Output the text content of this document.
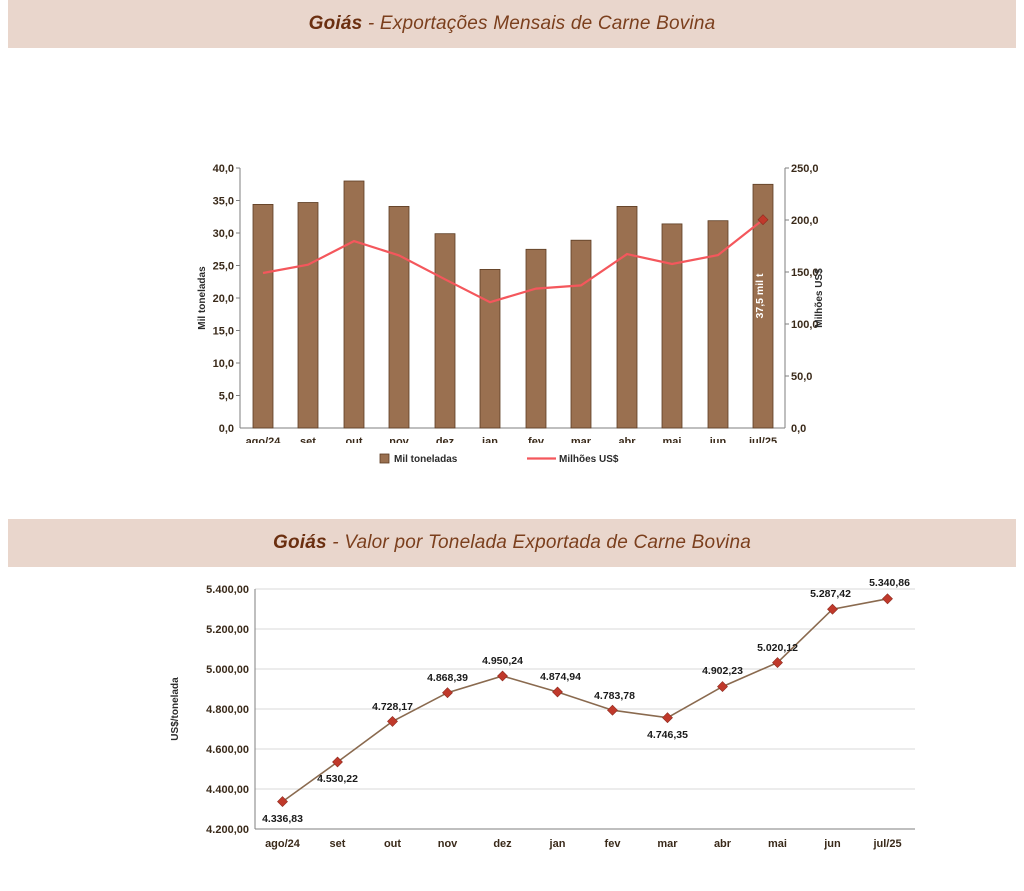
Goiás - Exportações Mensais de Carne Bovina
40,0
35,0
30,0
25,0
20,0
15,0
10,0
5,0
0,0
250,0
200,0
150,0
100,0
50,0
0,0
Mil toneladas	Milhões US$
37,5 mil t
ago/24 set	out nov dez	jan	fev mar abr mai	jun jul/25

Mil toneladas	Milhões US$
Goiás - Valor por Tonelada Exportada de Carne Bovina
5.400,00
5.200,00
5.000,00
4.800,00
4.600,00
4.400,00
4.200,00
US$/tonelada
4.336,83
4.530,22
4.728,17
4.868,39
4.950,24
4.874,94
4.783,78
4.746,35
4.902,23
5.020,12
5.287,42
5.340,86
ago/24	set	out	nov	dez	jan	fev	mar	abr	mai	jun	jul/25
